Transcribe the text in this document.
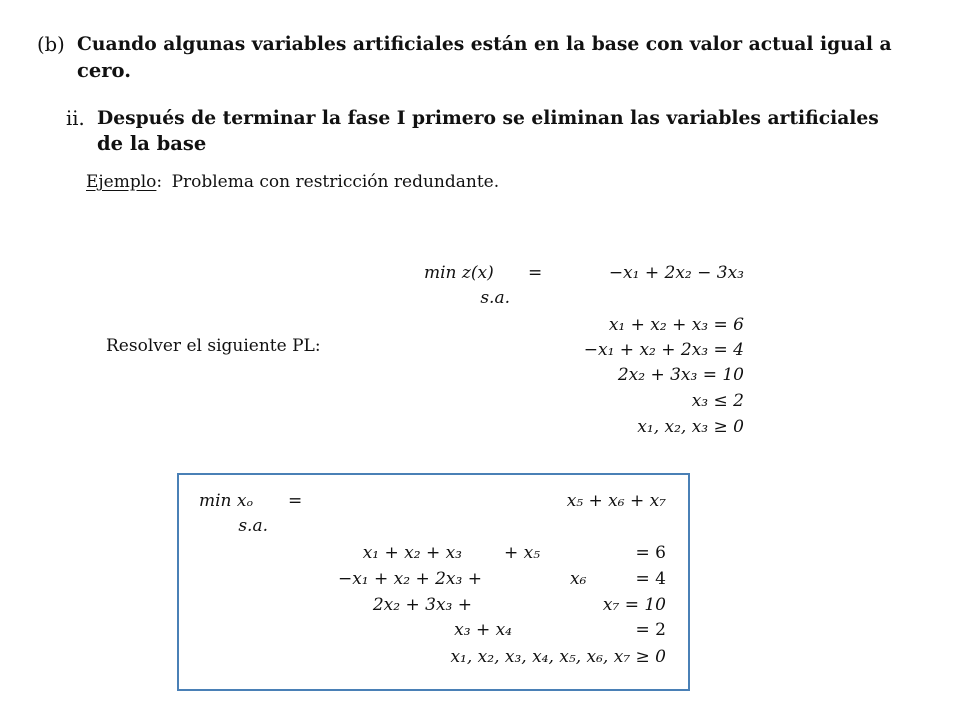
(b) Cuando algunas variables artificiales están en la base con valor actual igual a
cero.
ii. Después de terminar la fase I primero se eliminan las variables artificiales
de la base
Ejemplo: Problema con restricción redundante.
Resolver el siguiente PL:
min z(x) =	−x₁ + 2x₂ − 3x₃
s.a.
x₁ + x₂ + x₃ = 6
−x₁ + x₂ + 2x₃ = 4
2x₂ + 3x₃ = 10
x₃ ≤ 2
x₁, x₂, x₃ ≥ 0
min xₒ =	x₅ + x₆ + x₇
s.a.
x₁ + x₂ + x₃ + x₅	= 6
−x₁ + x₂ + 2x₃ +	x₆	= 4
2x₂ + 3x₃ +	x₇ = 10
x₃ + x₄	= 2
x₁, x₂, x₃, x₄, x₅, x₆, x₇ ≥ 0
